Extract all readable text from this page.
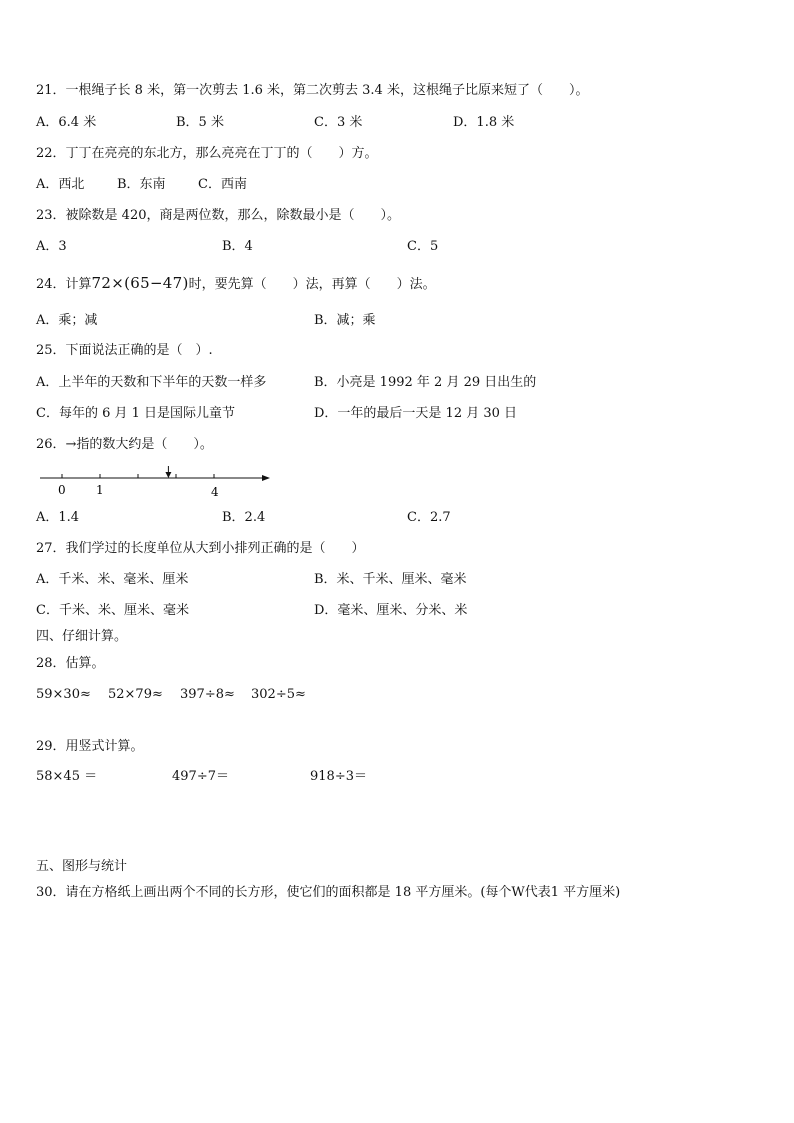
21．一根绳子长 8 米，第一次剪去 1.6 米，第二次剪去 3.4 米，这根绳子比原来短了（　　）。
A．6.4 米	B．5 米	C．3 米	D．1.8 米
22．丁丁在亮亮的东北方，那么亮亮在丁丁的（　　）方。
A．西北	B．东南 C．西南
23．被除数是 420，商是两位数，那么，除数最小是（　　）。
A．3	B．4	C．5
24．计算72×(65−47)时，要先算（　　）法，再算（　　）法。
A．乘；减	B．减；乘
25．下面说法正确的是（　）.
A．上半年的天数和下半年的天数一样多	B．小亮是 1992 年 2 月 29 日出生的
C．每年的 6 月 1 日是国际儿童节	D．一年的最后一天是 12 月 30 日
26．→指的数大约是（　　）。
0	1	4
A．1.4	B．2.4	C．2.7
27．我们学过的长度单位从大到小排列正确的是（　　）
A．千米、米、毫米、厘米	B．米、千米、厘米、毫米
C．千米、米、厘米、毫米	D．毫米、厘米、分米、米
四、仔细计算。
28．估算。
59×30≈ 52×79≈ 397÷8≈ 302÷5≈
29．用竖式计算。
58×45 ＝	497÷7＝	918÷3＝
五、图形与统计
30．请在方格纸上画出两个不同的长方形，使它们的面积都是 18 平方厘米。(每个W代表1 平方厘米)
